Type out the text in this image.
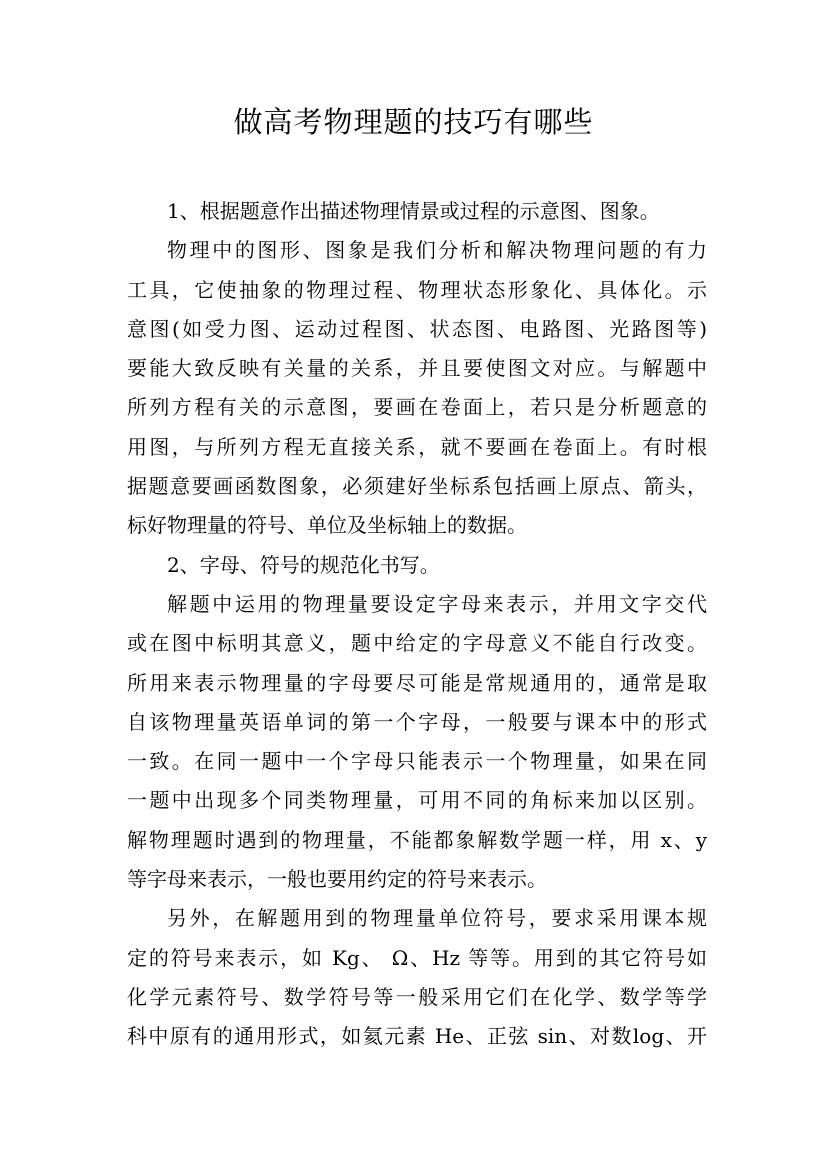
做高考物理题的技巧有哪些
1、根据题意作出描述物理情景或过程的示意图、图象。
物理中的图形、图象是我们分析和解决物理问题的有力
工具，它使抽象的物理过程、物理状态形象化、具体化。示
意图(如受力图、运动过程图、状态图、电路图、光路图等)
要能大致反映有关量的关系，并且要使图文对应。与解题中
所列方程有关的示意图，要画在卷面上，若只是分析题意的
用图，与所列方程无直接关系，就不要画在卷面上。有时根
据题意要画函数图象，必须建好坐标系包括画上原点、箭头，
标好物理量的符号、单位及坐标轴上的数据。
2、字母、符号的规范化书写。
解题中运用的物理量要设定字母来表示，并用文字交代
或在图中标明其意义，题中给定的字母意义不能自行改变。
所用来表示物理量的字母要尽可能是常规通用的，通常是取
自该物理量英语单词的第一个字母，一般要与课本中的形式
一致。在同一题中一个字母只能表示一个物理量，如果在同
一题中出现多个同类物理量，可用不同的角标来加以区别。
解物理题时遇到的物理量，不能都象解数学题一样，用 x、y
等字母来表示，一般也要用约定的符号来表示。
另外，在解题用到的物理量单位符号，要求采用课本规
定的符号来表示，如 Kg、 Ω、Hz 等等。用到的其它符号如
化学元素符号、数学符号等一般采用它们在化学、数学等学
科中原有的通用形式，如氦元素 He、正弦 sin、对数log、开
